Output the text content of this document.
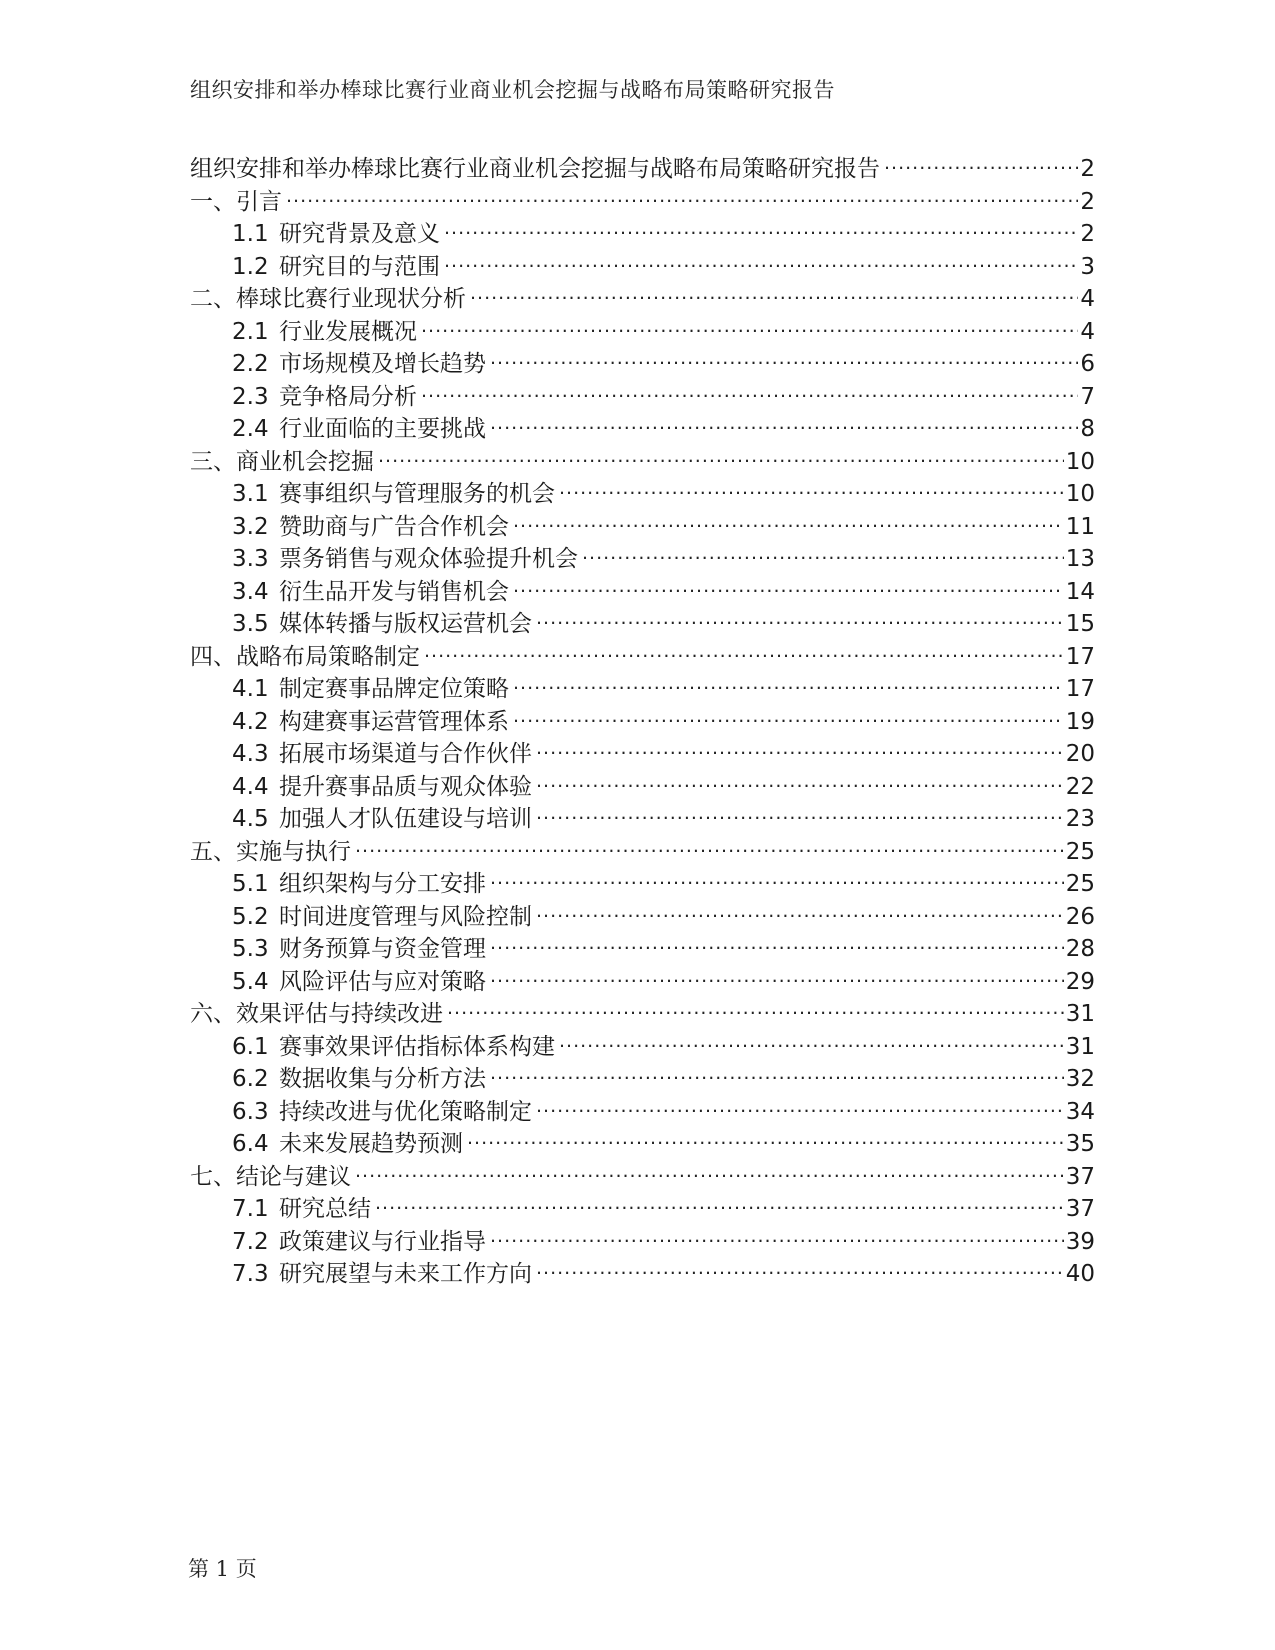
组织安排和举办棒球比赛行业商业机会挖掘与战略布局策略研究报告
组织安排和举办棒球比赛行业商业机会挖掘与战略布局策略研究报告 .....	2
一、引言 .....	2
1.1 研究背景及意义 .....	2
1.2 研究目的与范围 .....	3
二、棒球比赛行业现状分析 .....	4
2.1 行业发展概况 .....	4
2.2 市场规模及增长趋势 .....	6
2.3 竞争格局分析 .....	7
2.4 行业面临的主要挑战 .....	8
三、商业机会挖掘 .....	10
3.1 赛事组织与管理服务的机会 .....	10
3.2 赞助商与广告合作机会 .....	11
3.3 票务销售与观众体验提升机会 .....	13
3.4 衍生品开发与销售机会 .....	14
3.5 媒体转播与版权运营机会 .....	15
四、战略布局策略制定 .....	17
4.1 制定赛事品牌定位策略 .....	17
4.2 构建赛事运营管理体系 .....	19
4.3 拓展市场渠道与合作伙伴 .....	20
4.4 提升赛事品质与观众体验 .....	22
4.5 加强人才队伍建设与培训 .....	23
五、实施与执行 .....	25
5.1 组织架构与分工安排 .....	25
5.2 时间进度管理与风险控制 .....	26
5.3 财务预算与资金管理 .....	28
5.4 风险评估与应对策略 .....	29
六、效果评估与持续改进 .....	31
6.1 赛事效果评估指标体系构建 .....	31
6.2 数据收集与分析方法 .....	32
6.3 持续改进与优化策略制定 .....	34
6.4 未来发展趋势预测 .....	35
七、结论与建议 .....	37
7.1 研究总结 .....	37
7.2 政策建议与行业指导 .....	39
7.3 研究展望与未来工作方向 .....	40
第 1 页
